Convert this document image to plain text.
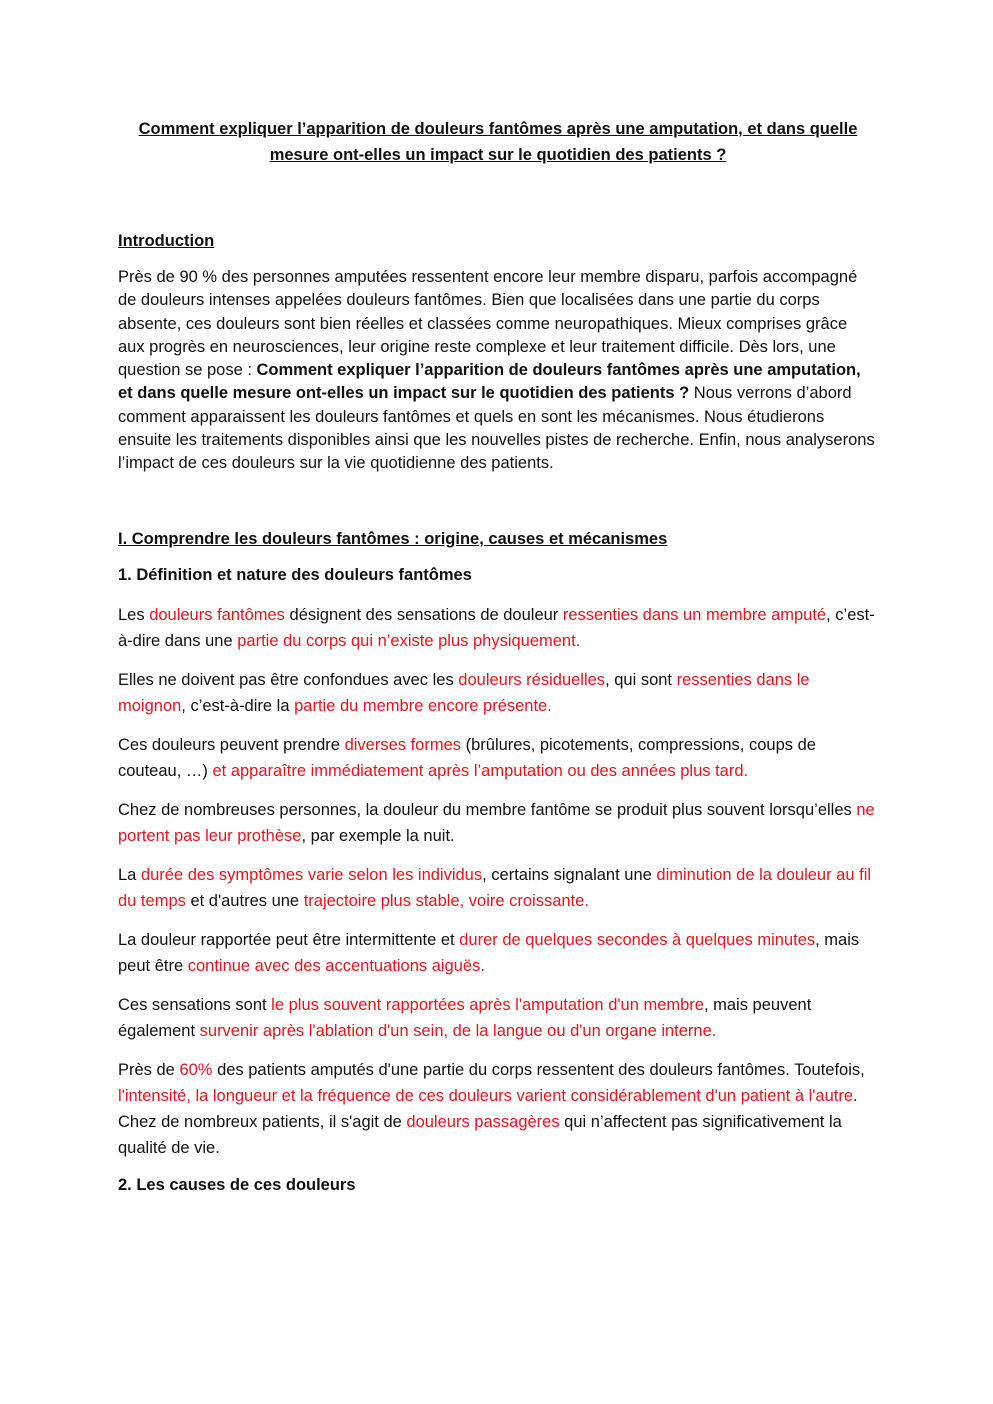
Comment expliquer l’apparition de douleurs fantômes après une amputation, et dans quelle mesure ont-elles un impact sur le quotidien des patients ?
Introduction

Près de 90 % des personnes amputées ressentent encore leur membre disparu, parfois accompagné de douleurs intenses appelées douleurs fantômes. Bien que localisées dans une partie du corps absente, ces douleurs sont bien réelles et classées comme neuropathiques. Mieux comprises grâce aux progrès en neurosciences, leur origine reste complexe et leur traitement difficile. Dès lors, une question se pose : Comment expliquer l’apparition de douleurs fantômes après une amputation, et dans quelle mesure ont-elles un impact sur le quotidien des patients ? Nous verrons d’abord comment apparaissent les douleurs fantômes et quels en sont les mécanismes. Nous étudierons ensuite les traitements disponibles ainsi que les nouvelles pistes de recherche. Enfin, nous analyserons l’impact de ces douleurs sur la vie quotidienne des patients.

I. Comprendre les douleurs fantômes : origine, causes et mécanismes
1. Définition et nature des douleurs fantômes

Les douleurs fantômes désignent des sensations de douleur ressenties dans un membre amputé, c’est-à-dire dans une partie du corps qui n’existe plus physiquement.

Elles ne doivent pas être confondues avec les douleurs résiduelles, qui sont ressenties dans le moignon, c’est-à-dire la partie du membre encore présente.

Ces douleurs peuvent prendre diverses formes (brûlures, picotements, compressions, coups de couteau, …) et apparaître immédiatement après l’amputation ou des années plus tard.

Chez de nombreuses personnes, la douleur du membre fantôme se produit plus souvent lorsqu’elles ne portent pas leur prothèse, par exemple la nuit.

La durée des symptômes varie selon les individus, certains signalant une diminution de la douleur au fil du temps et d'autres une trajectoire plus stable, voire croissante.

La douleur rapportée peut être intermittente et durer de quelques secondes à quelques minutes, mais peut être continue avec des accentuations aiguës.

Ces sensations sont le plus souvent rapportées après l'amputation d'un membre, mais peuvent également survenir après l'ablation d'un sein, de la langue ou d'un organe interne.

Près de 60% des patients amputés d'une partie du corps ressentent des douleurs fantômes. Toutefois, l'intensité, la longueur et la fréquence de ces douleurs varient considérablement d'un patient à l'autre. Chez de nombreux patients, il s'agit de douleurs passagères qui n’affectent pas significativement la qualité de vie.

2. Les causes de ces douleurs
